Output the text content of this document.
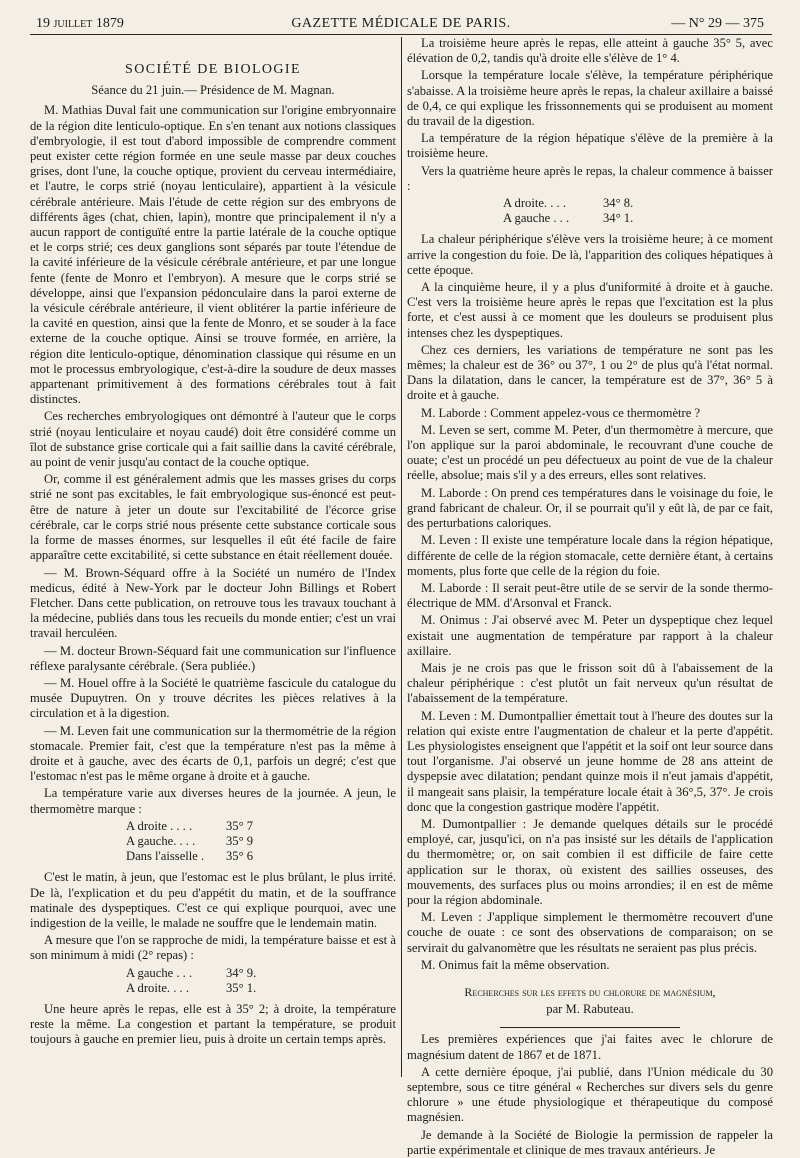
19 juillet 1879	GAZETTE MÉDICALE DE PARIS.	— N° 29 — 375
SOCIÉTÉ DE BIOLOGIE

Séance du 21 juin.— Présidence de M. Magnan.

M. Mathias Duval fait une communication sur l'origine embryonnaire de la région dite lenticulo-optique. En s'en tenant aux notions classiques d'embryologie, il est tout d'abord impossible de comprendre comment peut exister cette région formée en une seule masse par deux couches grises, dont l'une, la couche optique, provient du cerveau intermédiaire, et l'autre, le corps strié (noyau lenticulaire), appartient à la vésicule cérébrale antérieure. Mais l'étude de cette région sur des embryons de différents âges (chat, chien, lapin), montre que principalement il n'y a aucun rapport de contiguïté entre la partie latérale de la couche optique et le corps strié; ces deux ganglions sont séparés par toute l'étendue de la cavité inférieure de la vésicule cérébrale antérieure, et par une longue fente (fente de Monro et l'embryon). A mesure que le corps strié se développe, ainsi que l'expansion pédonculaire dans la paroi externe de la vésicule cérébrale antérieure, il vient oblitérer la partie inférieure de la cavité en question, ainsi que la fente de Monro, et se souder à la face externe de la couche optique. Ainsi se trouve formée, en arrière, la région dite lenticulo-optique, dénomination classique qui résume en un mot le processus embryologique, c'est-à-dire la soudure de deux masses appartenant primitivement à des formations cérébrales tout à fait distinctes.

Ces recherches embryologiques ont démontré à l'auteur que le corps strié (noyau lenticulaire et noyau caudé) doit être considéré comme un îlot de substance grise corticale qui a fait saillie dans la cavité cérébrale, au point de venir jusqu'au contact de la couche optique.

Or, comme il est généralement admis que les masses grises du corps strié ne sont pas excitables, le fait embryologique sus-énoncé est peut-être de nature à jeter un doute sur l'excitabilité de l'écorce grise cérébrale, car le corps strié nous présente cette substance corticale sous la forme de masses énormes, sur lesquelles il eût été facile de faire apparaître cette excitabilité, si cette substance en était réellement douée.

— M. Brown-Séquard offre à la Société un numéro de l'Index medicus, édité à New-York par le docteur John Billings et Robert Fletcher. Dans cette publication, on retrouve tous les travaux touchant à la médecine, publiés dans tous les recueils du monde entier; c'est un vrai travail herculéen.

— M. docteur Brown-Séquard fait une communication sur l'influence réflexe paralysante cérébrale. (Sera publiée.)

— M. Houel offre à la Société le quatrième fascicule du catalogue du musée Dupuytren. On y trouve décrites les pièces relatives à la circulation et à la digestion.

— M. Leven fait une communication sur la thermométrie de la région stomacale. Premier fait, c'est que la température n'est pas la même à droite et à gauche, avec des écarts de 0,1, parfois un degré; c'est que l'estomac n'est pas le même organe à droite et à gauche.

La température varie aux diverses heures de la journée. A jeun, le thermomètre marque :

A droite . . . .	35° 7
A gauche. . . .	35° 9
Dans l'aisselle .	35° 6

C'est le matin, à jeun, que l'estomac est le plus brûlant, le plus irrité. De là, l'explication et du peu d'appétit du matin, et de la souffrance matinale des dyspeptiques. C'est ce qui explique pourquoi, avec une indigestion de la veille, le malade ne souffre que le lendemain matin.

A mesure que l'on se rapproche de midi, la température baisse et est à son minimum à midi (2° repas) :

A gauche . . .	34° 9.
A droite. . . .	35° 1.

Une heure après le repas, elle est à 35° 2; à droite, la température reste la même. La congestion et partant la température, se produit toujours à gauche en premier lieu, puis à droite un certain temps après.

La troisième heure après le repas, elle atteint à gauche 35° 5, avec élévation de 0,2, tandis qu'à droite elle s'élève de 1° 4.

Lorsque la température locale s'élève, la température périphérique s'abaisse. A la troisième heure après le repas, la chaleur axillaire a baissé de 0,4, ce qui explique les frissonnements qui se produisent au moment du travail de la digestion.

La température de la région hépatique s'élève de la première à la troisième heure.

Vers la quatrième heure après le repas, la chaleur commence à baisser :

A droite. . . .	34° 8.
A gauche . . .	34° 1.

La chaleur périphérique s'élève vers la troisième heure; à ce moment arrive la congestion du foie. De là, l'apparition des coliques hépatiques à cette époque.

A la cinquième heure, il y a plus d'uniformité à droite et à gauche. C'est vers la troisième heure après le repas que l'excitation est la plus forte, et c'est aussi à ce moment que les douleurs se produisent plus intenses chez les dyspeptiques.

Chez ces derniers, les variations de température ne sont pas les mêmes; la chaleur est de 36° ou 37°, 1 ou 2° de plus qu'à l'état normal. Dans la dilatation, dans le cancer, la température est de 37°, 36° 5 à droite et à gauche.

M. Laborde : Comment appelez-vous ce thermomètre ?

M. Leven se sert, comme M. Peter, d'un thermomètre à mercure, que l'on applique sur la paroi abdominale, le recouvrant d'une couche de ouate; c'est un procédé un peu défectueux au point de vue de la chaleur réelle, absolue; mais s'il y a des erreurs, elles sont relatives.

M. Laborde : On prend ces températures dans le voisinage du foie, le grand fabricant de chaleur. Or, il se pourrait qu'il y eût là, de par ce fait, des perturbations caloriques.

M. Leven : Il existe une température locale dans la région hépatique, différente de celle de la région stomacale, cette dernière étant, à certains moments, plus forte que celle de la région du foie.

M. Laborde : Il serait peut-être utile de se servir de la sonde thermo-électrique de MM. d'Arsonval et Franck.

M. Onimus : J'ai observé avec M. Peter un dyspeptique chez lequel existait une augmentation de température par rapport à la chaleur axillaire.

Mais je ne crois pas que le frisson soit dû à l'abaissement de la chaleur périphérique : c'est plutôt un fait nerveux qu'un résultat de l'abaissement de la température.

M. Leven : M. Dumontpallier émettait tout à l'heure des doutes sur la relation qui existe entre l'augmentation de chaleur et la perte d'appétit. Les physiologistes enseignent que l'appétit et la soif ont leur source dans tout l'organisme. J'ai observé un jeune homme de 28 ans atteint de dyspepsie avec dilatation; pendant quinze mois il n'eut jamais d'appétit, il mangeait sans plaisir, la température locale était à 36°,5, 37°. Je crois donc que la congestion gastrique modère l'appétit.

M. Dumontpallier : Je demande quelques détails sur le procédé employé, car, jusqu'ici, on n'a pas insisté sur les détails de l'application du thermomètre; or, on sait combien il est difficile de faire cette application sur le thorax, où existent des saillies osseuses, des mouvements, des surfaces plus ou moins arrondies; il en est de même pour la région abdominale.

M. Leven : J'applique simplement le thermomètre recouvert d'une couche de ouate : ce sont des observations de comparaison; on se servirait du galvanomètre que les résultats ne seraient pas plus précis.

M. Onimus fait la même observation.

Recherches sur les effets du chlorure de magnésium,

par M. Rabuteau.

Les premières expériences que j'ai faites avec le chlorure de magnésium datent de 1867 et de 1871.

A cette dernière époque, j'ai publié, dans l'Union médicale du 30 septembre, sous ce titre général « Recherches sur divers sels du genre chlorure » une étude physiologique et thérapeutique du composé magnésien.

Je demande à la Société de Biologie la permission de rappeler la partie expérimentale et clinique de mes travaux antérieurs. Je
